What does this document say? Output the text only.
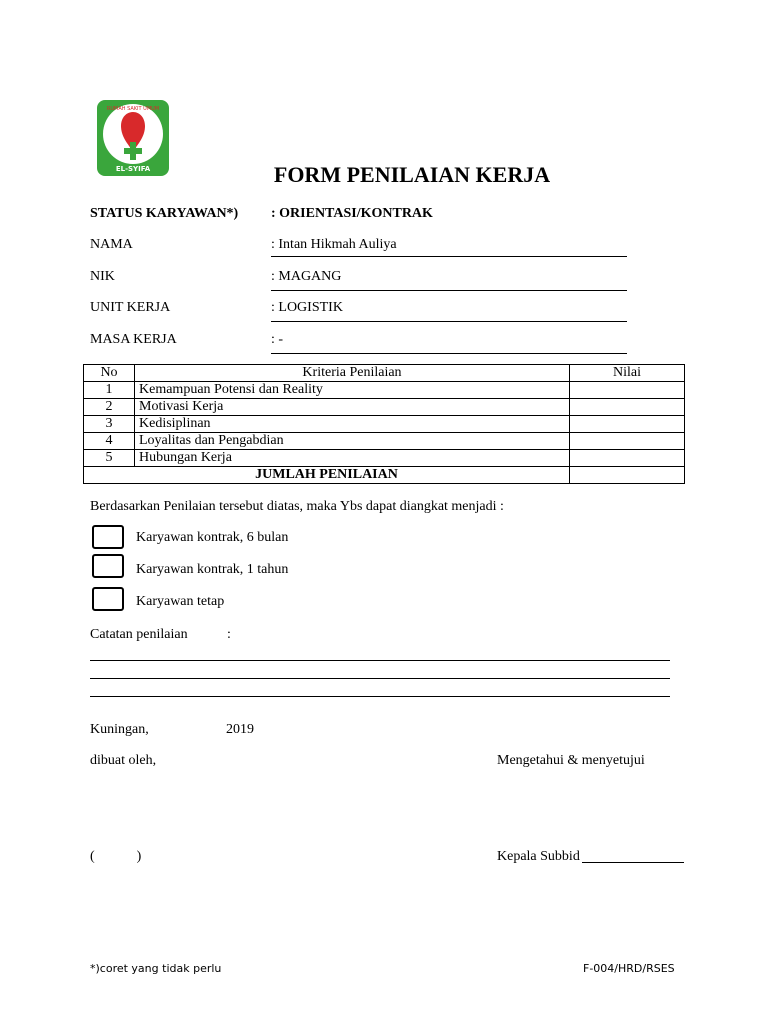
RUMAH SAKIT UMUM
EL-SYIFA	FORM PENILAIAN KERJA
STATUS KARYAWAN*) : ORIENTASI/KONTRAK
NAMA	: Intan Hikmah Auliya
NIK	: MAGANG
UNIT KERJA	: LOGISTIK
MASA KERJA	: -
No	Kriteria Penilaian	Nilai
1	Kemampuan Potensi dan Reality	
2	Motivasi Kerja	
3	Kedisiplinan	
4	Loyalitas dan Pengabdian	
5	Hubungan Kerja	
JUMLAH PENILAIAN		
Berdasarkan Penilaian tersebut diatas, maka Ybs dapat diangkat menjadi :
Karyawan kontrak, 6 bulan
Karyawan kontrak, 1 tahun
Karyawan tetap
Catatan penilaian	:
Kuningan,	2019
dibuat oleh,	Mengetahui & menyetujui
(            )	Kepala Subbid
*)coret yang tidak perlu	F-004/HRD/RSES
